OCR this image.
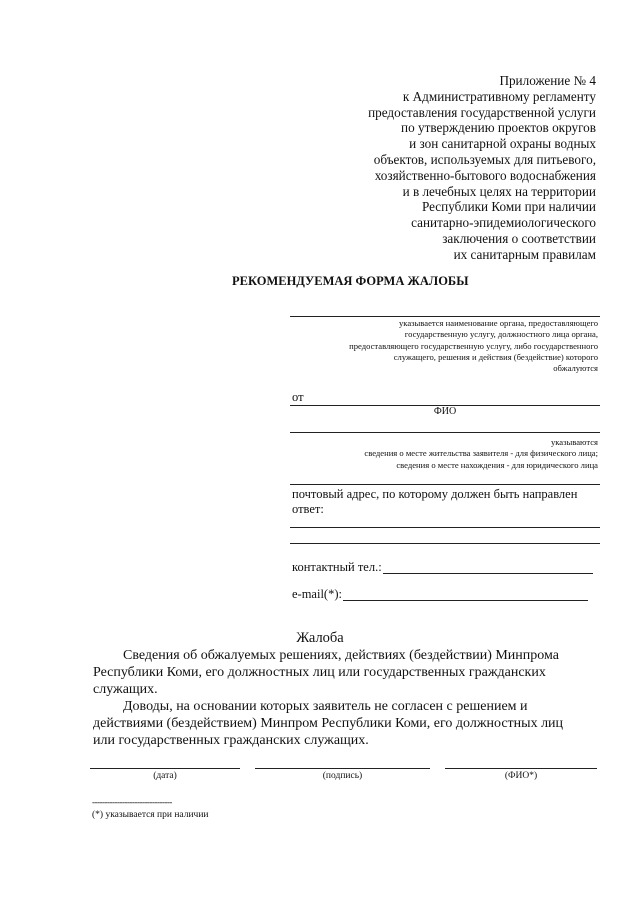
Приложение № 4
к Административному регламенту
предоставления государственной услуги
по утверждению проектов округов
и зон санитарной охраны водных
объектов, используемых для питьевого,
хозяйственно-бытового водоснабжения
и в лечебных целях на территории
Республики Коми при наличии
санитарно-эпидемиологического
заключения о соответствии
их санитарным правилам
РЕКОМЕНДУЕМАЯ ФОРМА ЖАЛОБЫ
указывается наименование органа, предоставляющего
государственную услугу, должностного лица органа,
предоставляющего государственную услугу, либо государственного
служащего, решения и действия (бездействие) которого
обжалуются
от
ФИО
указываются
сведения о месте жительства заявителя - для физического лица;
сведения о месте нахождения - для юридического лица
почтовый адрес, по которому должен быть направлен
ответ:
контактный тел.:
e-mail(*):
Жалоба
Сведения об обжалуемых решениях, действиях (бездействии) Минпрома
Республики Коми, его должностных лиц или государственных гражданских
служащих.
Доводы, на основании которых заявитель не согласен с решением и
действиями (бездействием) Минпром Республики Коми, его должностных лиц
или государственных гражданских служащих.
(дата)	(подпись)	(ФИО*)
--------------------------------
(*) указывается при наличии
